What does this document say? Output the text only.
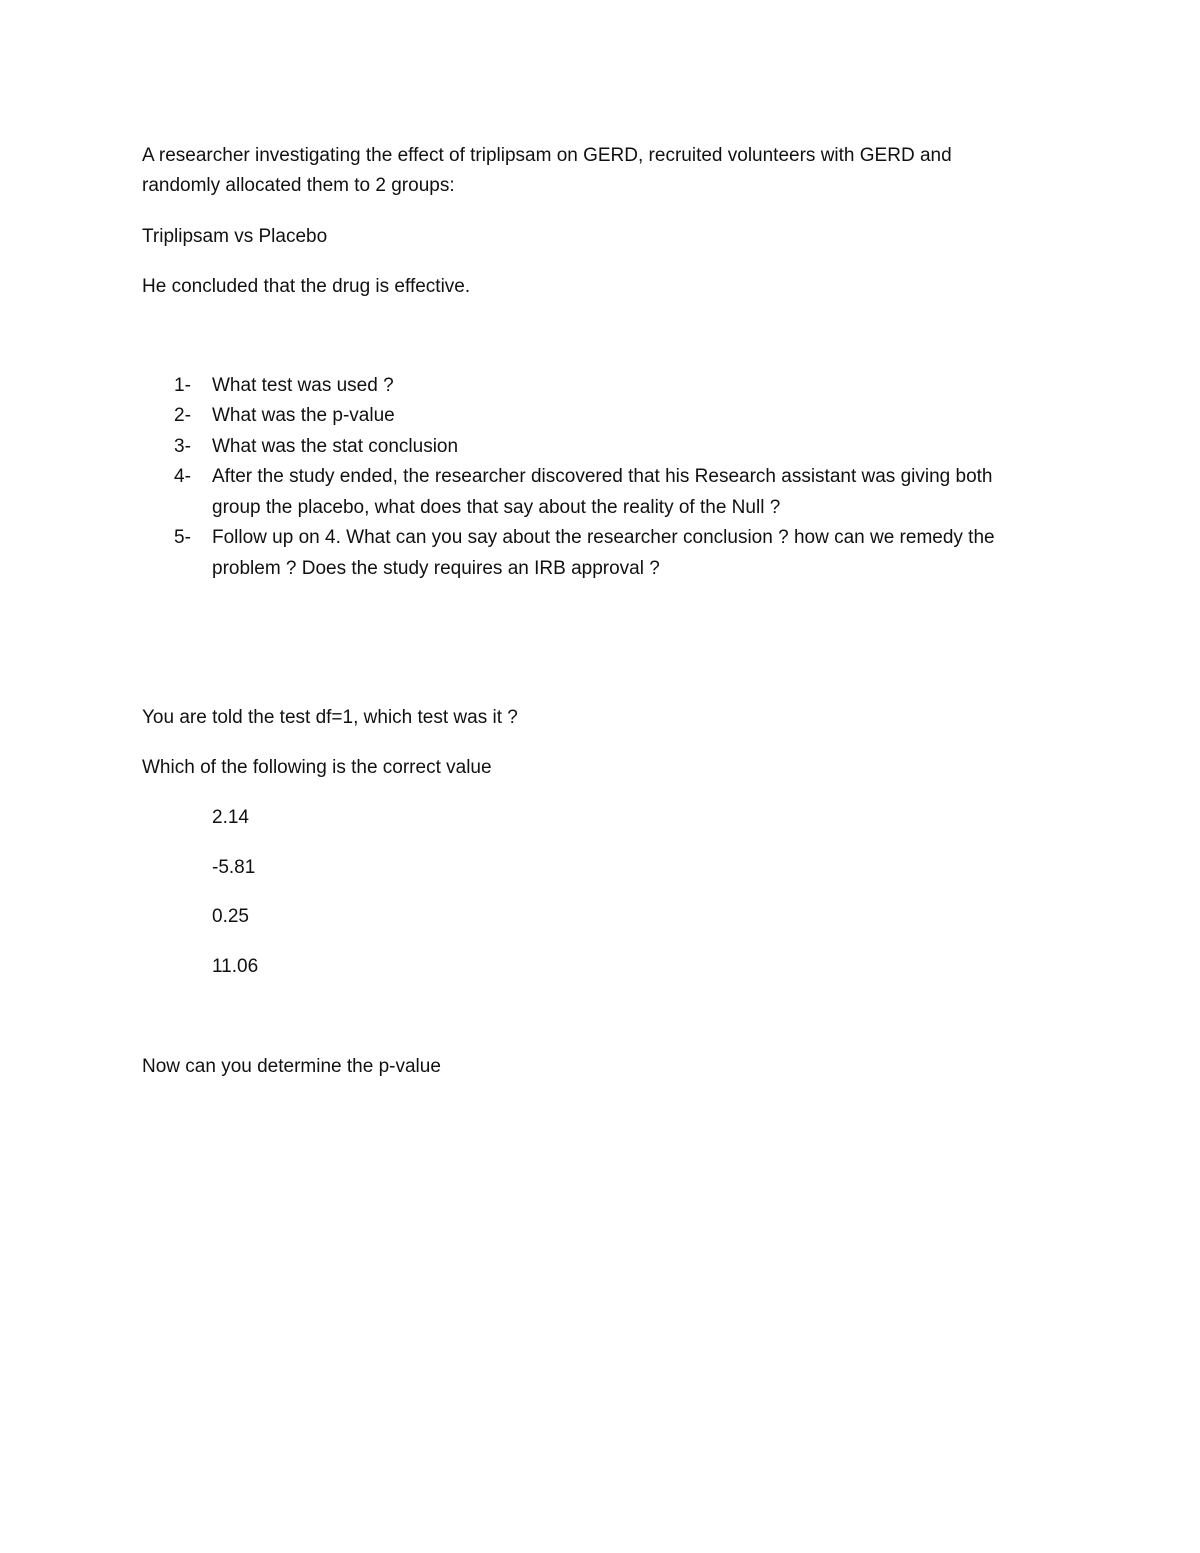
A researcher investigating the effect of triplipsam on GERD, recruited volunteers with GERD and
randomly allocated them to 2 groups:
Triplipsam vs Placebo
He concluded that the drug is effective.
1- What test was used ?
2- What was the p-value
3- What was the stat conclusion
4- After the study ended, the researcher discovered that his Research assistant was giving both
group the placebo, what does that say about the reality of the Null ?
5- Follow up on 4. What can you say about the researcher conclusion ? how can we remedy the
problem ? Does the study requires an IRB approval ?
You are told the test df=1, which test was it ?
Which of the following is the correct value
2.14
-5.81
0.25
11.06
Now can you determine the p-value
